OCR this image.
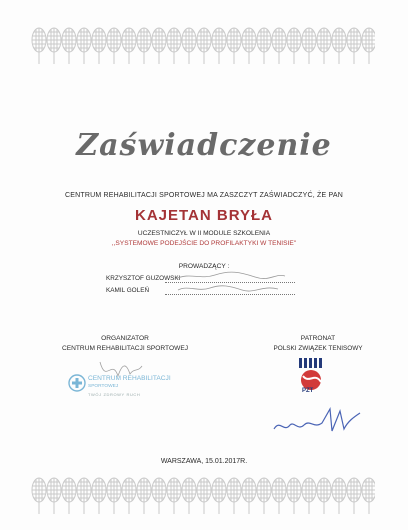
Zaświadczenie
CENTRUM REHABILITACJI SPORTOWEJ MA ZASZCZYT ZAŚWIADCZYĆ, ŻE PAN
KAJETAN BRYŁA
UCZESTNICZYŁ W II MODULE SZKOLENIA
,,SYSTEMOWE PODEJŚCIE DO PROFILAKTYKI W TENISIE''
PROWADZĄCY :
KRZYSZTOF GUZOWSKI
KAMIL GOLEŃ
ORGANIZATOR
CENTRUM REHABILITACJI SPORTOWEJ
PATRONAT
POLSKI ZWIĄZEK TENISOWY
CENTRUM REHABILITACJI
SPORTOWEJ
TWÓJ ZDROWY RUCH
PZT
WARSZAWA, 15.01.2017R.
